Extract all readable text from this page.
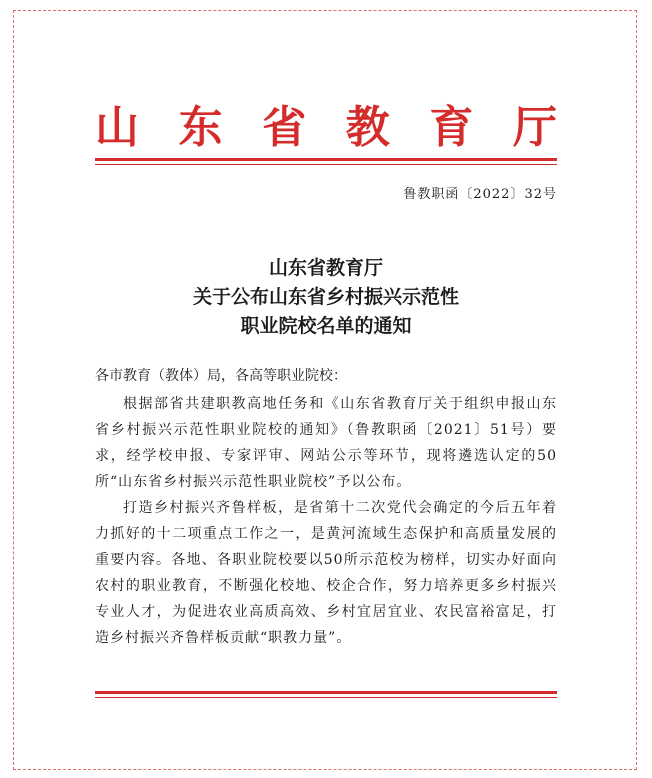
山 东 省 教 育 厅
鲁教职函〔2022〕32号
山东省教育厅
关于公布山东省乡村振兴示范性
职业院校名单的通知
各市教育（教体）局，各高等职业院校：
根据部省共建职教高地任务和《山东省教育厅关于组织申报山东省乡村振兴示范性职业院校的通知》（鲁教职函〔2021〕51号）要求，经学校申报、专家评审、网站公示等环节，现将遴选认定的50所“山东省乡村振兴示范性职业院校”予以公布。
打造乡村振兴齐鲁样板，是省第十二次党代会确定的今后五年着力抓好的十二项重点工作之一，是黄河流域生态保护和高质量发展的重要内容。各地、各职业院校要以50所示范校为榜样，切实办好面向农村的职业教育，不断强化校地、校企合作，努力培养更多乡村振兴专业人才，为促进农业高质高效、乡村宜居宜业、农民富裕富足，打造乡村振兴齐鲁样板贡献“职教力量”。
